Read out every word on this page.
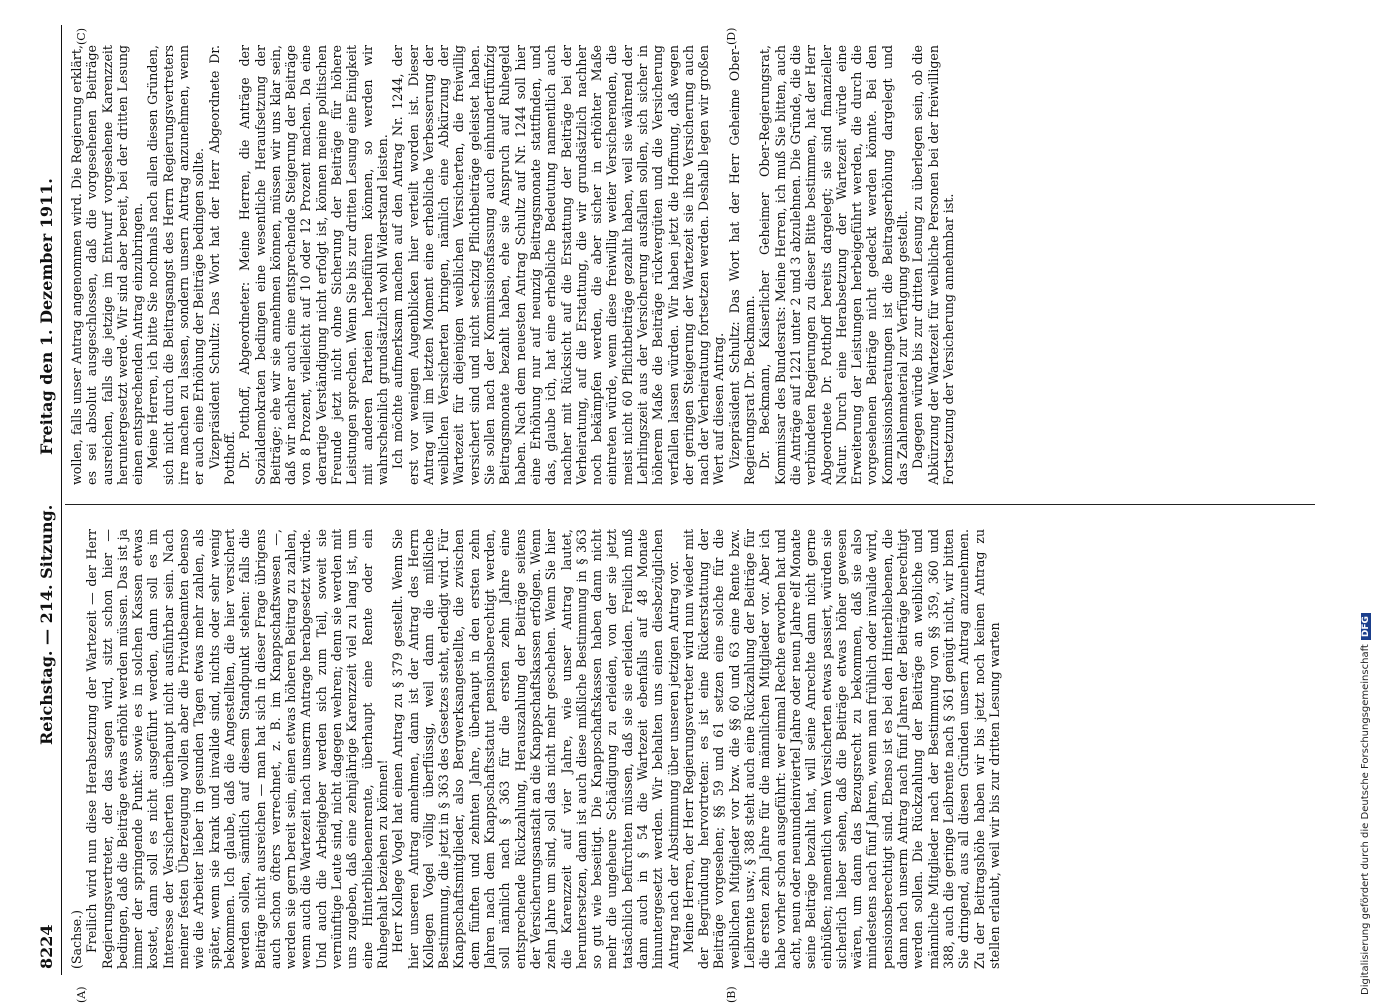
8224
Reichstag. — 214. Sitzung.
Freitag den 1. Dezember 1911.
(A)	(B)
(C)	(D)

(Sachse.) Freilich wird nun diese Herabsetzung der Wartezeit — der Herr Regierungsvertreter, der das sagen wird, sitzt schon hier — bedingen, daß die Beiträge etwas erhöht werden müssen. Das ist ja immer der springende Punkt: sowie es in solchen Kassen etwas kostet, dann soll es nicht ausgeführt werden, dann soll es im Interesse der Versicherten überhaupt nicht ausführbar sein. Nach meiner festen Überzeugung wollen aber die Privatbeamten ebenso wie die Arbeiter lieber in gesunden Tagen etwas mehr zahlen, als später, wenn sie krank und invalide sind, nichts oder sehr wenig bekommen. Ich glaube, daß die Angestellten, die hier versichert werden sollen, sämtlich auf diesem Standpunkt stehen: falls die Beiträge nicht ausreichen — man hat sich in dieser Frage übrigens auch schon öfters verrechnet, z. B. im Knappschaftswesen —, werden sie gern bereit sein, einen etwas höheren Beitrag zu zahlen, wenn auch die Wartezeit nach unserm Antrage herabgesetzt würde. Und auch die Arbeitgeber werden sich zum Teil, soweit sie vernünftige Leute sind, nicht dagegen wehren; denn sie werden mit uns zugeben, daß eine zehnjährige Karenzzeit viel zu lang ist, um eine Hinterbliebenenrente, überhaupt eine Rente oder ein Ruhegehalt beziehen zu können! Herr Kollege Vogel hat einen Antrag zu § 379 gestellt. Wenn Sie hier unseren Antrag annehmen, dann ist der Antrag des Herrn Kollegen Vogel völlig überflüssig, weil dann die mißliche Bestimmung, die jetzt in § 363 des Gesetzes steht, erledigt wird. Für Knappschaftsmitglieder, also Bergwerksangestellte, die zwischen dem fünften und zehnten Jahre, überhaupt in den ersten zehn Jahren nach dem Knappschaftsstatut pensionsberechtigt werden, soll nämlich nach § 363 für die ersten zehn Jahre eine entsprechende Rückzahlung, Herauszahlung der Beiträge seitens der Versicherungsanstalt an die Knappschaftskassen erfolgen. Wenn zehn Jahre um sind, soll das nicht mehr geschehen. Wenn Sie hier die Karenzzeit auf vier Jahre, wie unser Antrag lautet, heruntersetzen, dann ist auch diese mißliche Bestimmung in § 363 so gut wie beseitigt. Die Knappschaftskassen haben dann nicht mehr die ungeheure Schädigung zu erleiden, von der sie jetzt tatsächlich befürchten müssen, daß sie sie erleiden. Freilich muß dann auch in § 54 die Wartezeit ebenfalls auf 48 Monate hinuntergesetzt werden. Wir behalten uns einen diesbezüglichen Antrag nach der Abstimmung über unseren jetzigen Antrag vor. Meine Herren, der Herr Regierungsvertreter wird nun wieder mit der Begründung hervortreten: es ist eine Rückerstattung der Beiträge vorgesehen; §§ 59 und 61 setzen eine solche für die weiblichen Mitglieder vor bzw. die §§ 60 und 63 eine Rente bzw. Leibrente usw.; § 388 steht auch eine Rückzahlung der Beiträge für die ersten zehn Jahre für die männlichen Mitglieder vor. Aber ich habe vorher schon ausgeführt: wer einmal Rechte erworben hat und acht, neun oder neunundeinviertel Jahre oder neun Jahre elf Monate seine Beiträge bezahlt hat, will seine Anrechte dann nicht gerne einbüßen; namentlich wenn Versicherten etwas passiert, würden sie sicherlich lieber sehen, daß die Beiträge etwas höher gewesen wären, um dann das Bezugsrecht zu bekommen, daß sie also mindestens nach fünf Jahren, wenn man frühlich oder invalide wird, pensionsberechtigt sind. Ebenso ist es bei den Hinterbliebenen, die dann nach unserm Antrag nach fünf Jahren der Beiträge berechtigt werden sollen. Die Rückzahlung der Beiträge an weibliche und männliche Mitglieder nach der Bestimmung von §§ 359, 360 und 388, auch die geringe Leibrente nach § 361 genügt nicht, wir bitten Sie dringend, aus all diesen Gründen unsern Antrag anzunehmen. Zu der Beitragshöhe haben wir bis jetzt noch keinen Antrag zu stellen erlaubt, weil wir bis zur dritten Lesung warten

wollen, falls unser Antrag angenommen wird. Die Regierung erklärt, es sei absolut ausgeschlossen, daß die vorgesehenen Beiträge ausreichen, falls die jetzige im Entwurf vorgesehene Karenzzeit heruntergesetzt werde. Wir sind aber bereit, bei der dritten Lesung einen entsprechenden Antrag einzubringen. Meine Herren, ich bitte Sie nochmals nach allen diesen Gründen, sich nicht durch die Beitragsangst des Herrn Regierungsvertreters irre machen zu lassen, sondern unsern Antrag anzunehmen, wenn er auch eine Erhöhung der Beiträge bedingen sollte. Vizepräsident Schultz: Das Wort hat der Herr Abgeordnete Dr. Potthoff. Dr. Potthoff, Abgeordneter: Meine Herren, die Anträge der Sozialdemokraten bedingen eine wesentliche Heraufsetzung der Beiträge; ehe wir sie annehmen können, müssen wir uns klar sein, daß wir nachher auch eine entsprechende Steigerung der Beiträge von 8 Prozent, vielleicht auf 10 oder 12 Prozent machen. Da eine derartige Verständigung nicht erfolgt ist, können meine politischen Freunde jetzt nicht ohne Sicherung der Beiträge für höhere Leistungen sprechen. Wenn Sie bis zur dritten Lesung eine Einigkeit mit anderen Parteien herbeiführen können, so werden wir wahrscheinlich grundsätzlich wohl Widerstand leisten. Ich möchte aufmerksam machen auf den Antrag Nr. 1244, der erst vor wenigen Augenblicken hier verteilt worden ist. Dieser Antrag will im letzten Moment eine erhebliche Verbesserung der weiblichen Versicherten bringen, nämlich eine Abkürzung der Wartezeit für diejenigen weiblichen Versicherten, die freiwillig versichert sind und nicht sechzig Pflichtbeiträge geleistet haben. Sie sollen nach der Kommissionsfassung auch einhundertfünfzig Beitragsmonate bezahlt haben, ehe sie Anspruch auf Ruhegeld haben. Nach dem neuesten Antrag Schultz auf Nr. 1244 soll hier eine Erhöhung nur auf neunzig Beitragsmonate stattfinden, und das, glaube ich, hat eine erhebliche Bedeutung namentlich auch nachher mit Rücksicht auf die Erstattung der Beiträge bei der Verheiratung, auf die Erstattung, die wir grundsätzlich nachher noch bekämpfen werden, die aber sicher in erhöhter Maße eintreten würde, wenn diese freiwillig weiter Versicherenden, die meist nicht 60 Pflichtbeiträge gezahlt haben, weil sie während der Lehrlingszeit aus der Versicherung ausfallen sollen, sich sicher in höherem Maße die Beiträge rückvergüten und die Versicherung verfallen lassen würden. Wir haben jetzt die Hoffnung, daß wegen der geringen Steigerung der Wartezeit sie ihre Versicherung auch nach der Verheiratung fortsetzen werden. Deshalb legen wir großen Wert auf diesen Antrag. Vizepräsident Schultz: Das Wort hat der Herr Geheime Ober-Regierungsrat Dr. Beckmann. Dr. Beckmann, Kaiserlicher Geheimer Ober-Regierungsrat, Kommissar des Bundesrats: Meine Herren, ich muß Sie bitten, auch die Anträge auf 1221 unter 2 und 3 abzulehnen. Die Gründe, die die verbündeten Regierungen zu dieser Bitte bestimmen, hat der Herr Abgeordnete Dr. Potthoff bereits dargelegt; sie sind finanzieller Natur. Durch eine Herabsetzung der Wartezeit würde eine Erweiterung der Leistungen herbeigeführt werden, die durch die vorgesehenen Beiträge nicht gedeckt werden könnte. Bei den Kommissionsberatungen ist die Beitragserhöhung dargelegt und das Zahlenmaterial zur Verfügung gestellt. Dagegen würde bis zur dritten Lesung zu überlegen sein, ob die Abkürzung der Wartezeit für weibliche Personen bei der freiwilligen Fortsetzung der Versicherung annehmbar ist.

Digitalisierung gefördert durch die Deutsche ForschungsgemeinschaftDFG
